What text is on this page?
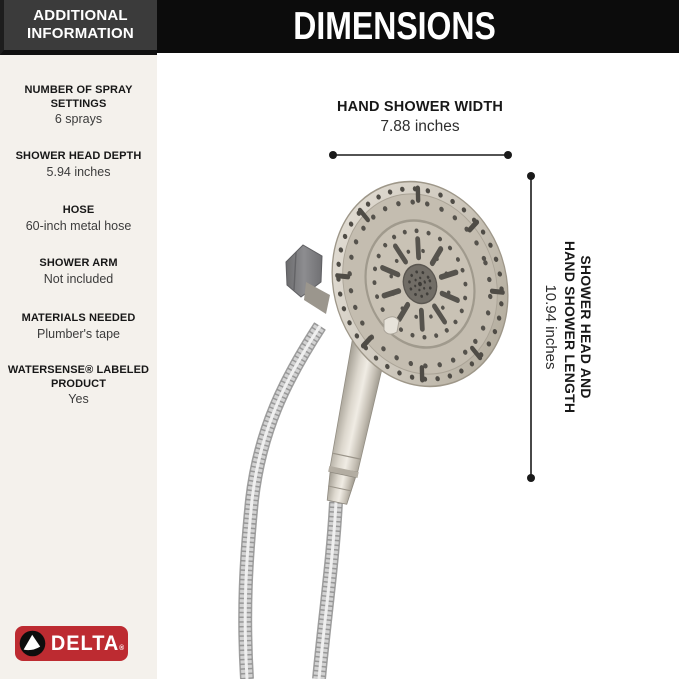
ADDITIONAL INFORMATION	DIMENSIONS
NUMBER OF SPRAY SETTINGS
6 sprays
SHOWER HEAD DEPTH
5.94 inches
HOSE
60-inch metal hose
SHOWER ARM
Not included
MATERIALS NEEDED
Plumber's tape
WATERSENSE® LABELED PRODUCT
Yes
DELTA®
HAND SHOWER WIDTH
7.88 inches
SHOWER HEAD AND
HAND SHOWER LENGTH
10.94 inches
